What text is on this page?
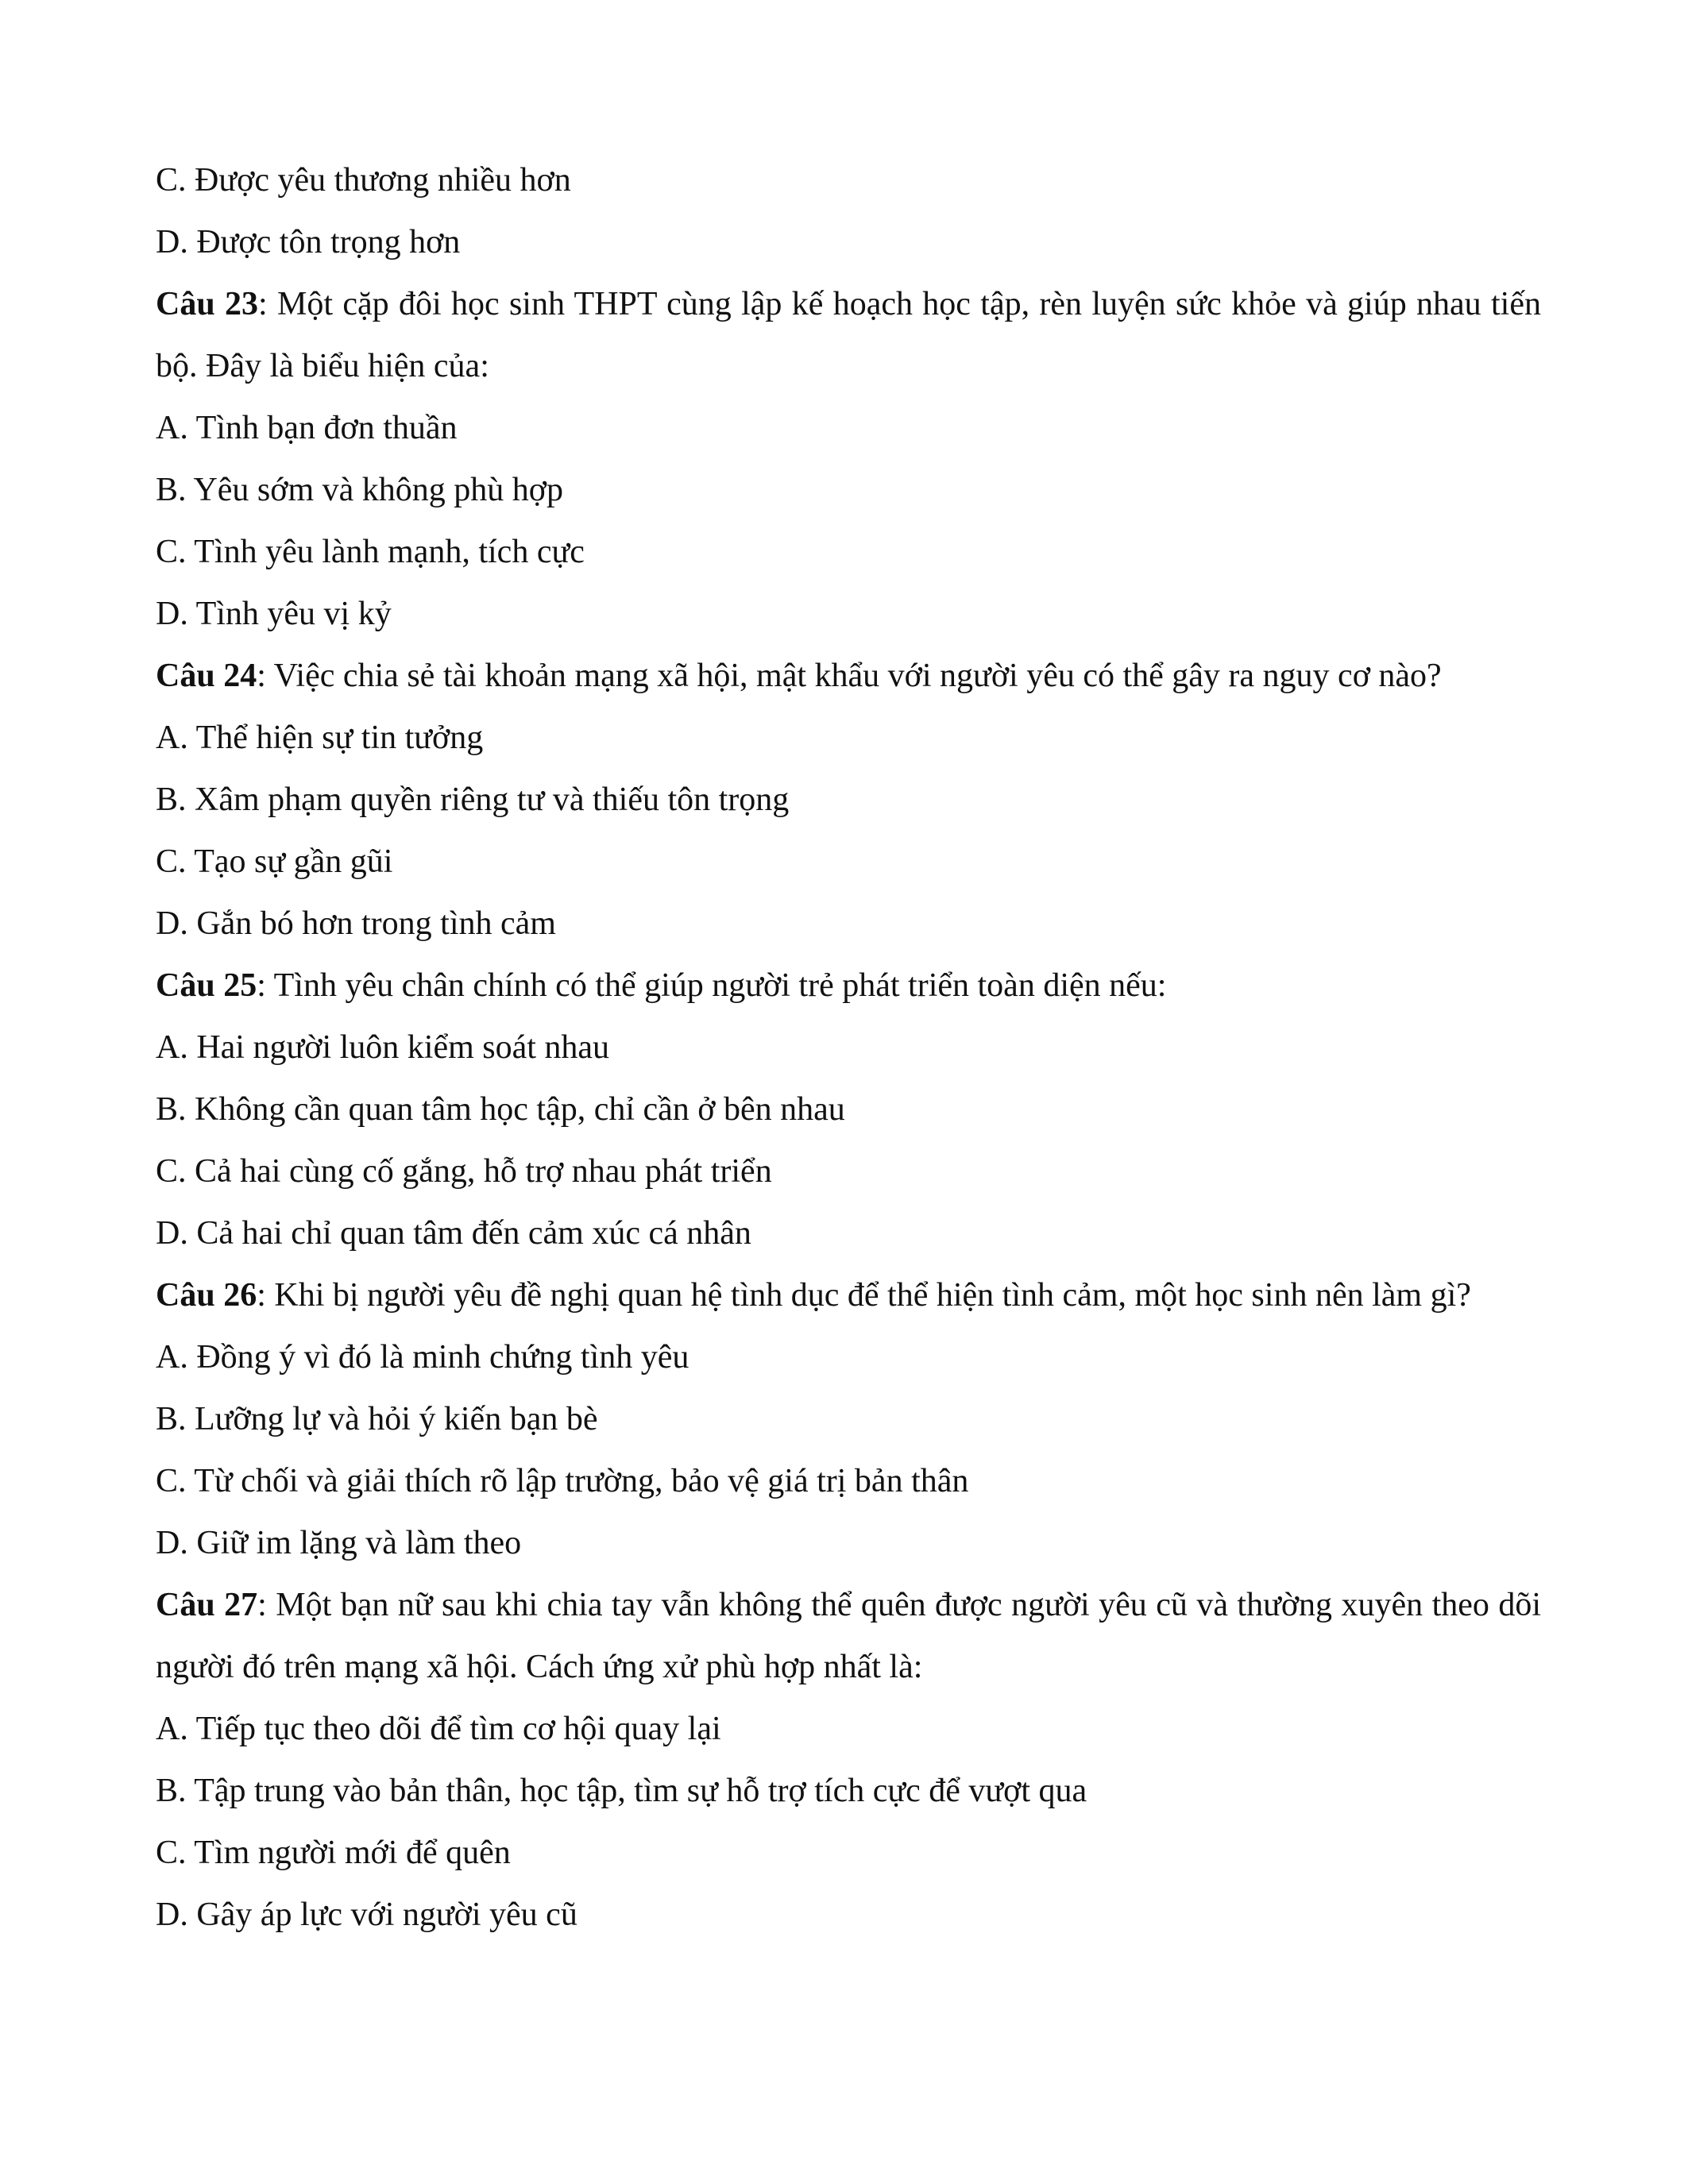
C. Được yêu thương nhiều hơn
D. Được tôn trọng hơn
Câu 23: Một cặp đôi học sinh THPT cùng lập kế hoạch học tập, rèn luyện sức khỏe và giúp nhau tiến bộ. Đây là biểu hiện của:
A. Tình bạn đơn thuần
B. Yêu sớm và không phù hợp
C. Tình yêu lành mạnh, tích cực
D. Tình yêu vị kỷ
Câu 24: Việc chia sẻ tài khoản mạng xã hội, mật khẩu với người yêu có thể gây ra nguy cơ nào?
A. Thể hiện sự tin tưởng
B. Xâm phạm quyền riêng tư và thiếu tôn trọng
C. Tạo sự gần gũi
D. Gắn bó hơn trong tình cảm
Câu 25: Tình yêu chân chính có thể giúp người trẻ phát triển toàn diện nếu:
A. Hai người luôn kiểm soát nhau
B. Không cần quan tâm học tập, chỉ cần ở bên nhau
C. Cả hai cùng cố gắng, hỗ trợ nhau phát triển
D. Cả hai chỉ quan tâm đến cảm xúc cá nhân
Câu 26: Khi bị người yêu đề nghị quan hệ tình dục để thể hiện tình cảm, một học sinh nên làm gì?
A. Đồng ý vì đó là minh chứng tình yêu
B. Lưỡng lự và hỏi ý kiến bạn bè
C. Từ chối và giải thích rõ lập trường, bảo vệ giá trị bản thân
D. Giữ im lặng và làm theo
Câu 27: Một bạn nữ sau khi chia tay vẫn không thể quên được người yêu cũ và thường xuyên theo dõi người đó trên mạng xã hội. Cách ứng xử phù hợp nhất là:
A. Tiếp tục theo dõi để tìm cơ hội quay lại
B. Tập trung vào bản thân, học tập, tìm sự hỗ trợ tích cực để vượt qua
C. Tìm người mới để quên
D. Gây áp lực với người yêu cũ
